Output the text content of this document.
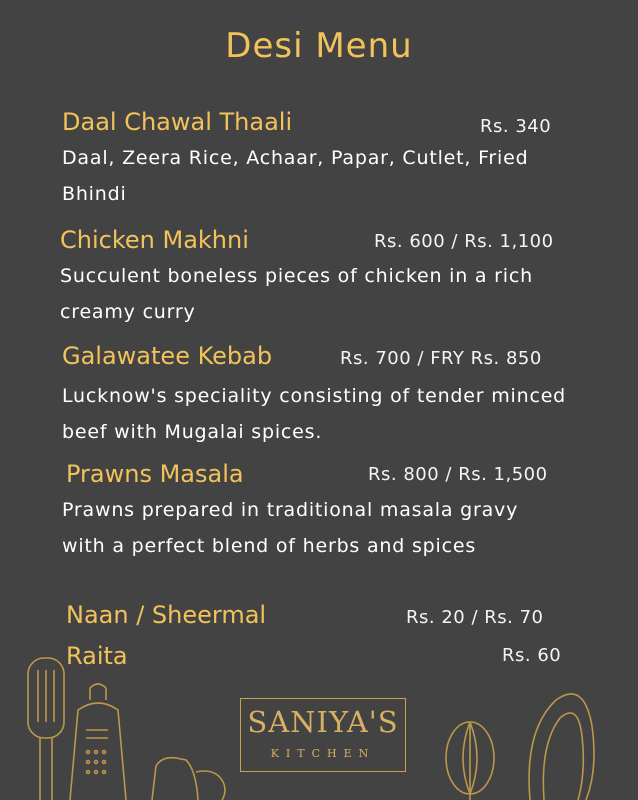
Desi Menu
Daal Chawal Thaali	Rs. 340
Daal, Zeera Rice, Achaar, Papar, Cutlet, Fried Bhindi
Chicken Makhni	Rs. 600 / Rs. 1,100
Succulent boneless pieces of chicken in a rich creamy curry
Galawatee Kebab	Rs. 700 / FRY Rs. 850
Lucknow's speciality consisting of tender minced beef with Mugalai spices.
Prawns Masala	Rs. 800 / Rs. 1,500
Prawns prepared in traditional masala gravy with a perfect blend of herbs and spices
Naan / Sheermal	Rs. 20 / Rs. 70
Raita	Rs. 60
SANIYA'S
KITCHEN
